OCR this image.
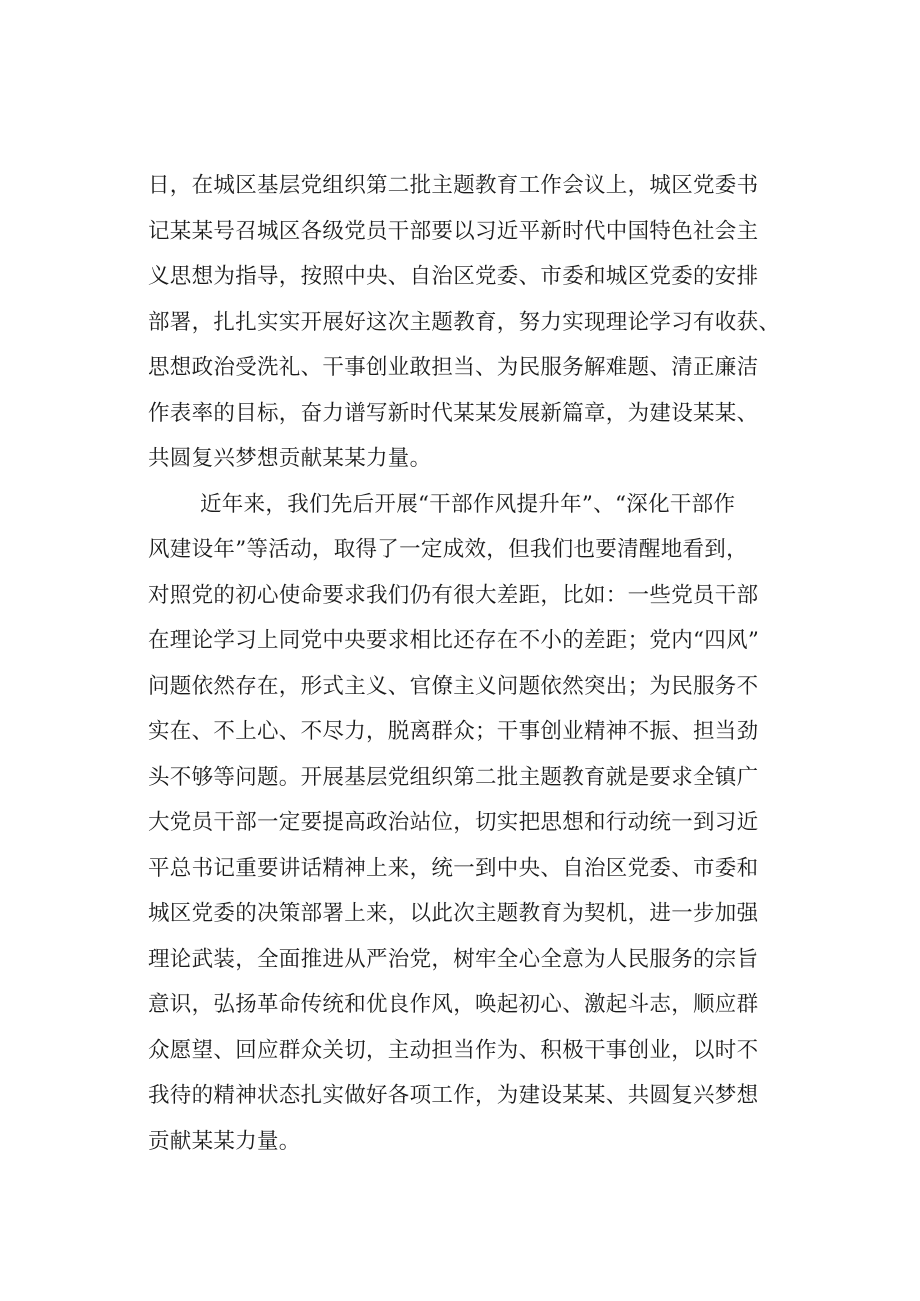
日，在城区基层党组织第二批主题教育工作会议上，城区党委书
记某某号召城区各级党员干部要以习近平新时代中国特色社会主
义思想为指导，按照中央、自治区党委、市委和城区党委的安排
部署，扎扎实实开展好这次主题教育，努力实现理论学习有收获、
思想政治受洗礼、干事创业敢担当、为民服务解难题、清正廉洁
作表率的目标，奋力谱写新时代某某发展新篇章，为建设某某、
共圆复兴梦想贡献某某力量。
近年来，我们先后开展“干部作风提升年”、“深化干部作
风建设年”等活动，取得了一定成效，但我们也要清醒地看到，
对照党的初心使命要求我们仍有很大差距，比如：一些党员干部
在理论学习上同党中央要求相比还存在不小的差距；党内“四风”
问题依然存在，形式主义、官僚主义问题依然突出；为民服务不
实在、不上心、不尽力，脱离群众；干事创业精神不振、担当劲
头不够等问题。开展基层党组织第二批主题教育就是要求全镇广
大党员干部一定要提高政治站位，切实把思想和行动统一到习近
平总书记重要讲话精神上来，统一到中央、自治区党委、市委和
城区党委的决策部署上来，以此次主题教育为契机，进一步加强
理论武装，全面推进从严治党，树牢全心全意为人民服务的宗旨
意识，弘扬革命传统和优良作风，唤起初心、激起斗志，顺应群
众愿望、回应群众关切，主动担当作为、积极干事创业，以时不
我待的精神状态扎实做好各项工作，为建设某某、共圆复兴梦想
贡献某某力量。
